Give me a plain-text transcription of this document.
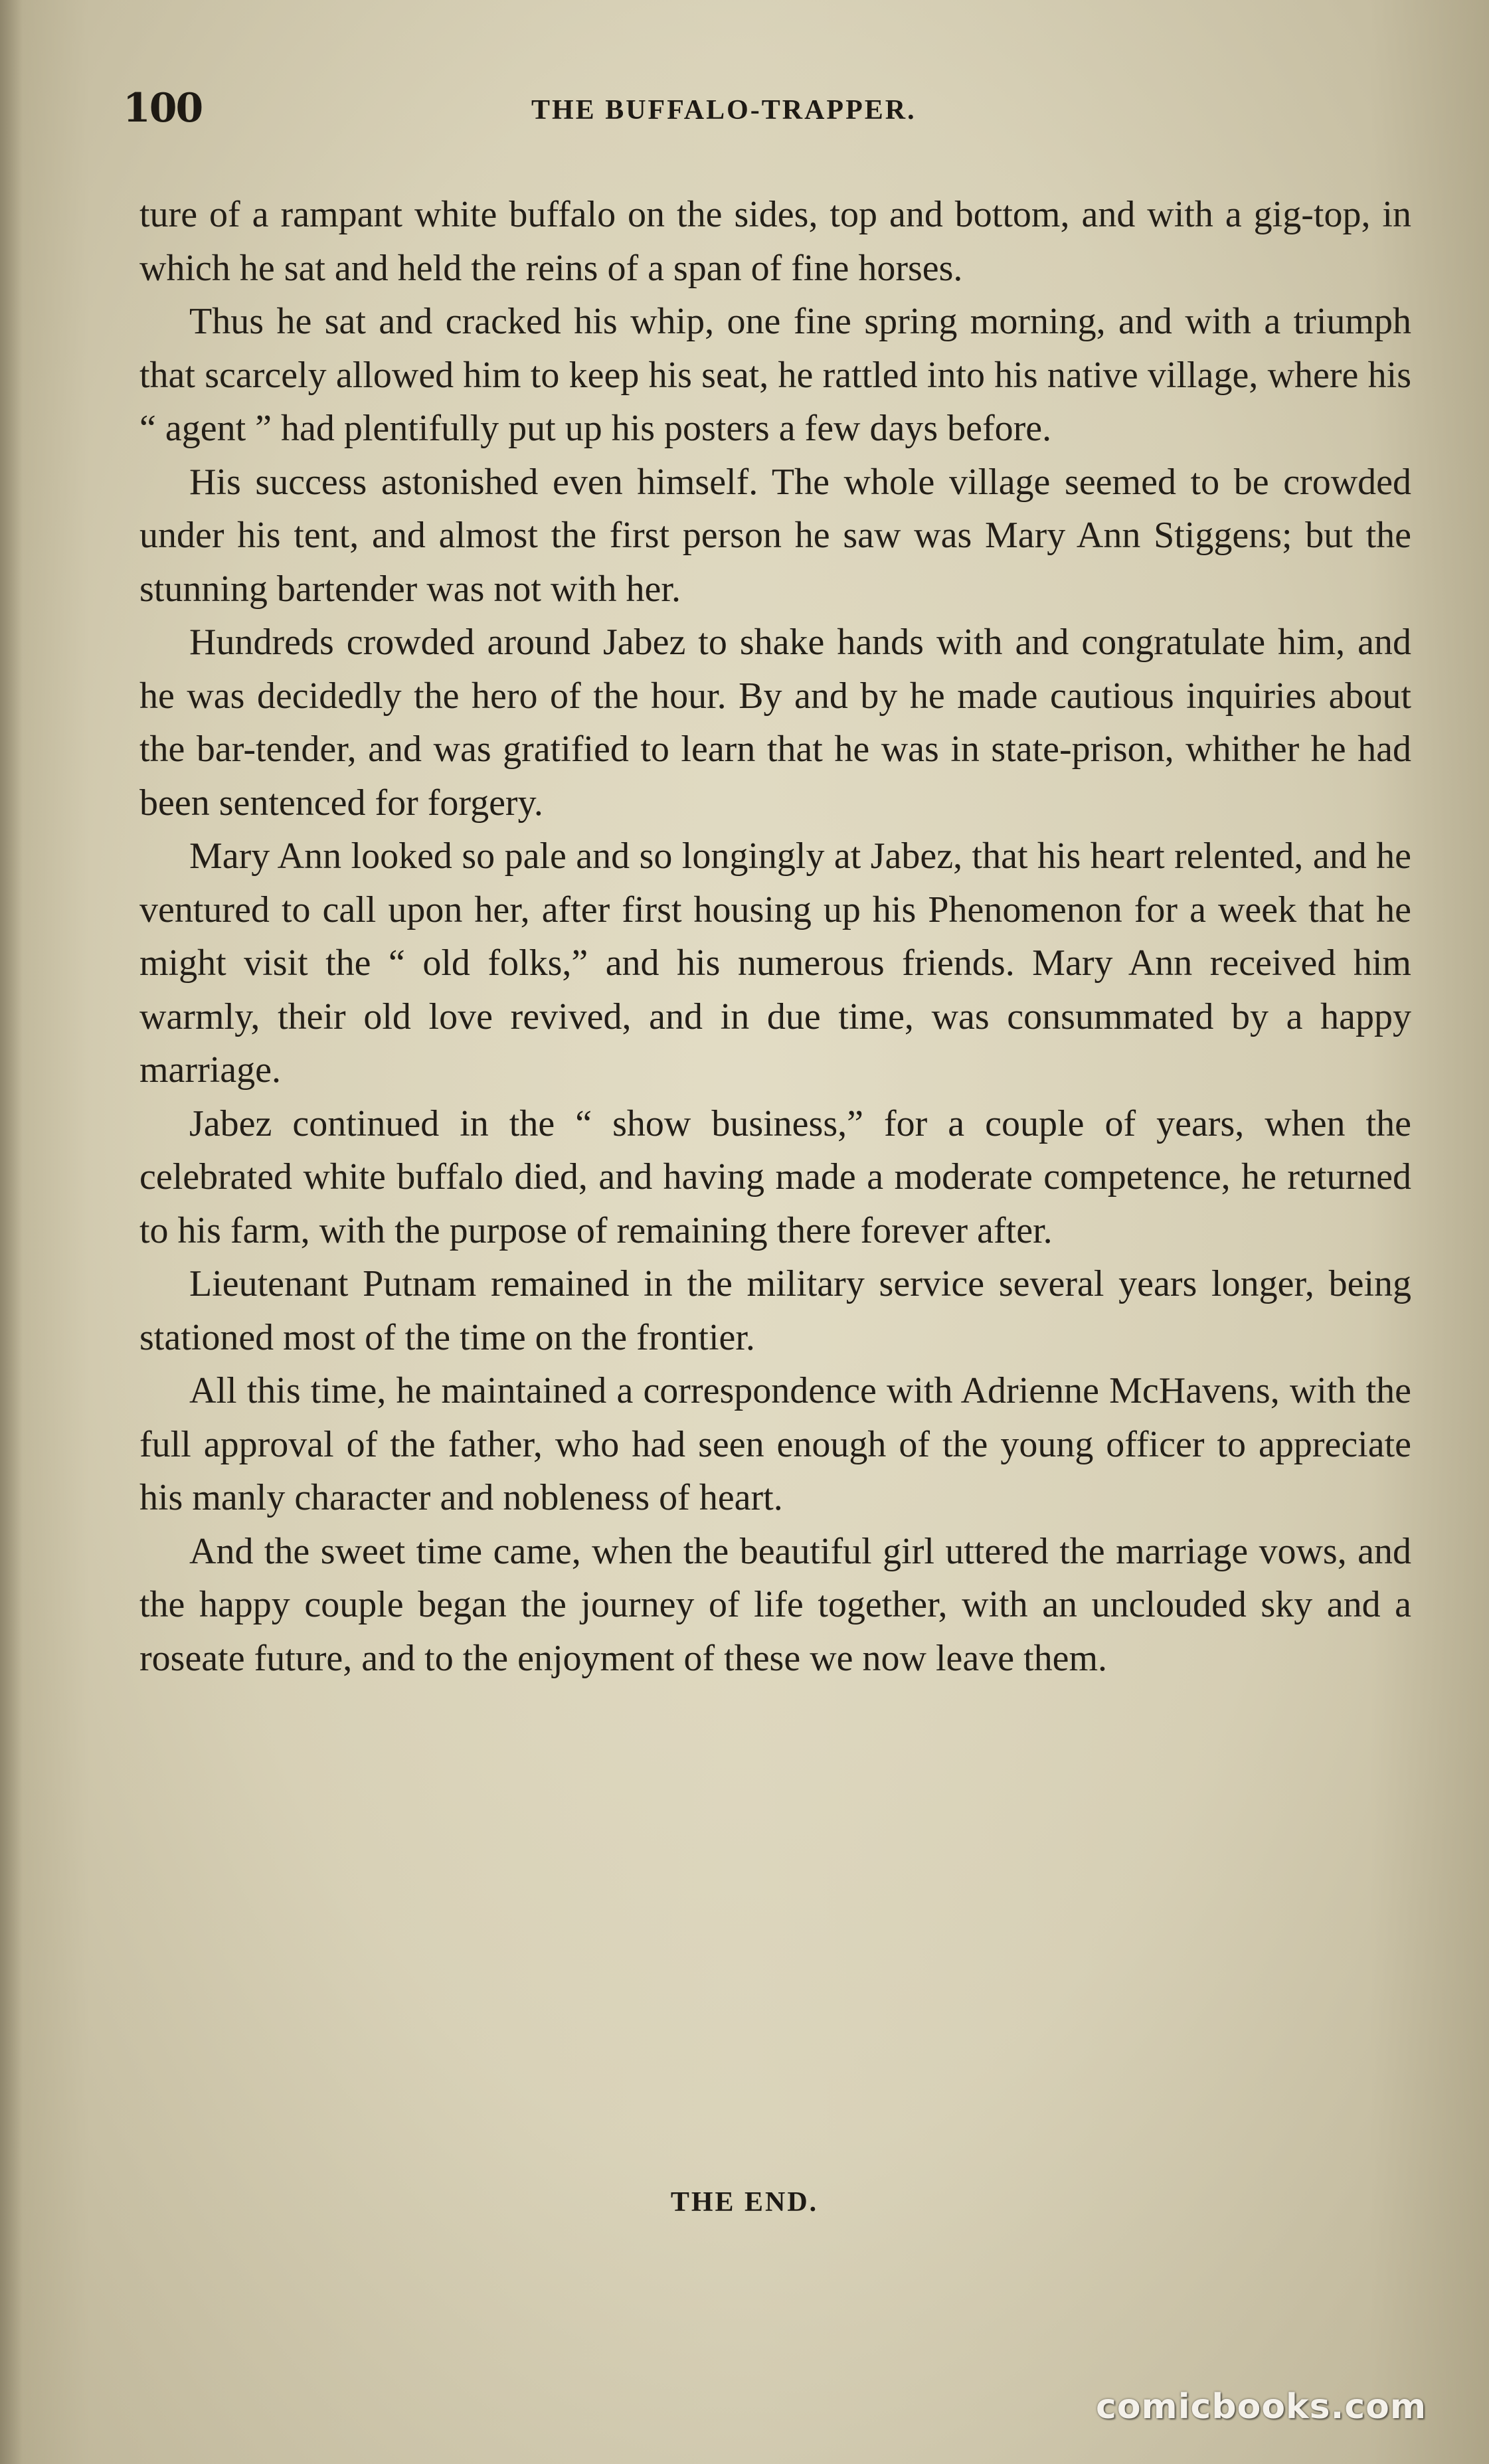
100	THE BUFFALO-TRAPPER.

ture of a rampant white buffalo on the sides, top and bottom, and with a gig-top, in which he sat and held the reins of a span of fine horses.

Thus he sat and cracked his whip, one fine spring morning, and with a triumph that scarcely allowed him to keep his seat, he rattled into his native village, where his “ agent ” had plentifully put up his posters a few days before.

His success astonished even himself. The whole village seemed to be crowded under his tent, and almost the first person he saw was Mary Ann Stiggens; but the stunning bartender was not with her.

Hundreds crowded around Jabez to shake hands with and congratulate him, and he was decidedly the hero of the hour. By and by he made cautious inquiries about the bar-tender, and was gratified to learn that he was in state-prison, whither he had been sentenced for forgery.

Mary Ann looked so pale and so longingly at Jabez, that his heart relented, and he ventured to call upon her, after first housing up his Phenomenon for a week that he might visit the “ old folks,” and his numerous friends. Mary Ann received him warmly, their old love revived, and in due time, was consummated by a happy marriage.

Jabez continued in the “ show business,” for a couple of years, when the celebrated white buffalo died, and having made a moderate competence, he returned to his farm, with the purpose of remaining there forever after.

Lieutenant Putnam remained in the military service several years longer, being stationed most of the time on the frontier.

All this time, he maintained a correspondence with Adrienne McHavens, with the full approval of the father, who had seen enough of the young officer to appreciate his manly character and nobleness of heart.

And the sweet time came, when the beautiful girl uttered the marriage vows, and the happy couple began the journey of life together, with an unclouded sky and a roseate future, and to the enjoyment of these we now leave them.

THE END.
comicbooks.com
